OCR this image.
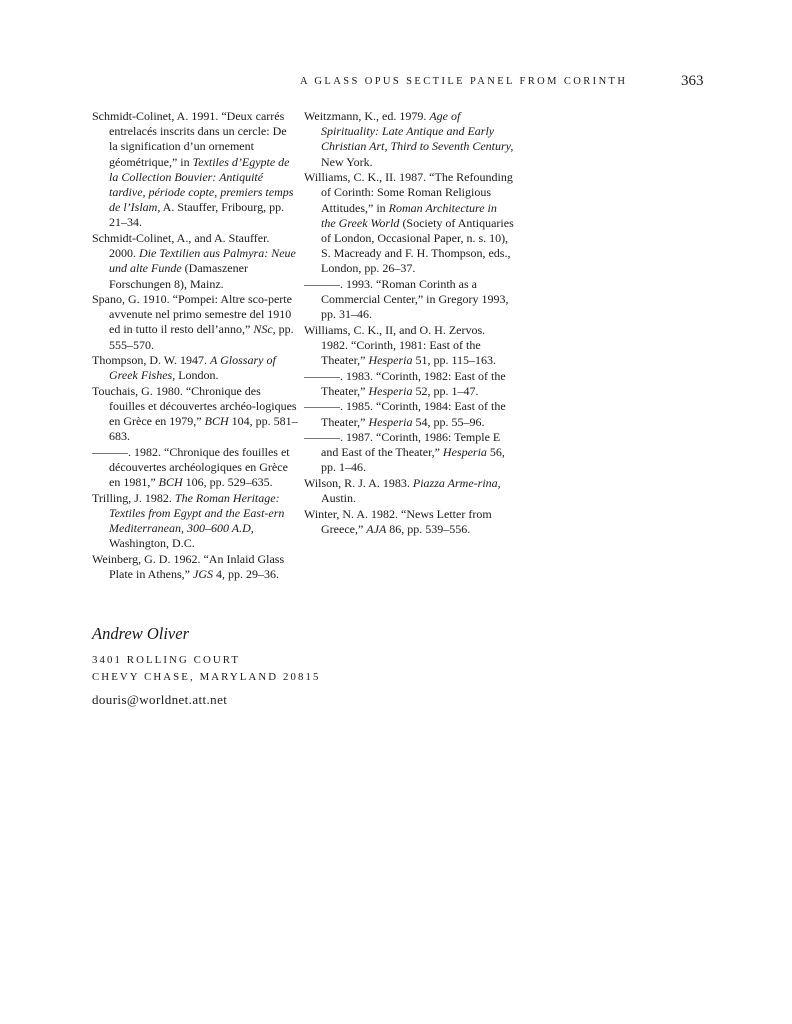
A GLASS OPUS SECTILE PANEL FROM CORINTH	363
Schmidt-Colinet, A. 1991. “Deux carrés entrelacés inscrits dans un cercle: De la signification d’un ornement géométrique,” in Textiles d’Egypte de la Collection Bouvier: Antiquité tardive, période copte, premiers temps de l’Islam, A. Stauffer, Fribourg, pp. 21–34.
Schmidt-Colinet, A., and A. Stauffer. 2000. Die Textilien aus Palmyra: Neue und alte Funde (Damaszener Forschungen 8), Mainz.
Spano, G. 1910. “Pompei: Altre sco-perte avvenute nel primo semestre del 1910 ed in tutto il resto dell’anno,” NSc, pp. 555–570.
Thompson, D. W. 1947. A Glossary of Greek Fishes, London.
Touchais, G. 1980. “Chronique des fouilles et découvertes archéo-logiques en Grèce en 1979,” BCH 104, pp. 581–683.
———. 1982. “Chronique des fouilles et découvertes archéologiques en Grèce en 1981,” BCH 106, pp. 529–635.
Trilling, J. 1982. The Roman Heritage: Textiles from Egypt and the East-ern Mediterranean, 300–600 A.D, Washington, D.C.
Weinberg, G. D. 1962. “An Inlaid Glass Plate in Athens,” JGS 4, pp. 29–36.
Weitzmann, K., ed. 1979. Age of Spirituality: Late Antique and Early Christian Art, Third to Seventh Century, New York.
Williams, C. K., II. 1987. “The Refounding of Corinth: Some Roman Religious Attitudes,” in Roman Architecture in the Greek World (Society of Antiquaries of London, Occasional Paper, n. s. 10), S. Macready and F. H. Thompson, eds., London, pp. 26–37.
———. 1993. “Roman Corinth as a Commercial Center,” in Gregory 1993, pp. 31–46.
Williams, C. K., II, and O. H. Zervos. 1982. “Corinth, 1981: East of the Theater,” Hesperia 51, pp. 115–163.
———. 1983. “Corinth, 1982: East of the Theater,” Hesperia 52, pp. 1–47.
———. 1985. “Corinth, 1984: East of the Theater,” Hesperia 54, pp. 55–96.
———. 1987. “Corinth, 1986: Temple E and East of the Theater,” Hesperia 56, pp. 1–46.
Wilson, R. J. A. 1983. Piazza Arme-rina, Austin.
Winter, N. A. 1982. “News Letter from Greece,” AJA 86, pp. 539–556.
Andrew Oliver
3401 ROLLING COURT
CHEVY CHASE, MARYLAND 20815
douris@worldnet.att.net
